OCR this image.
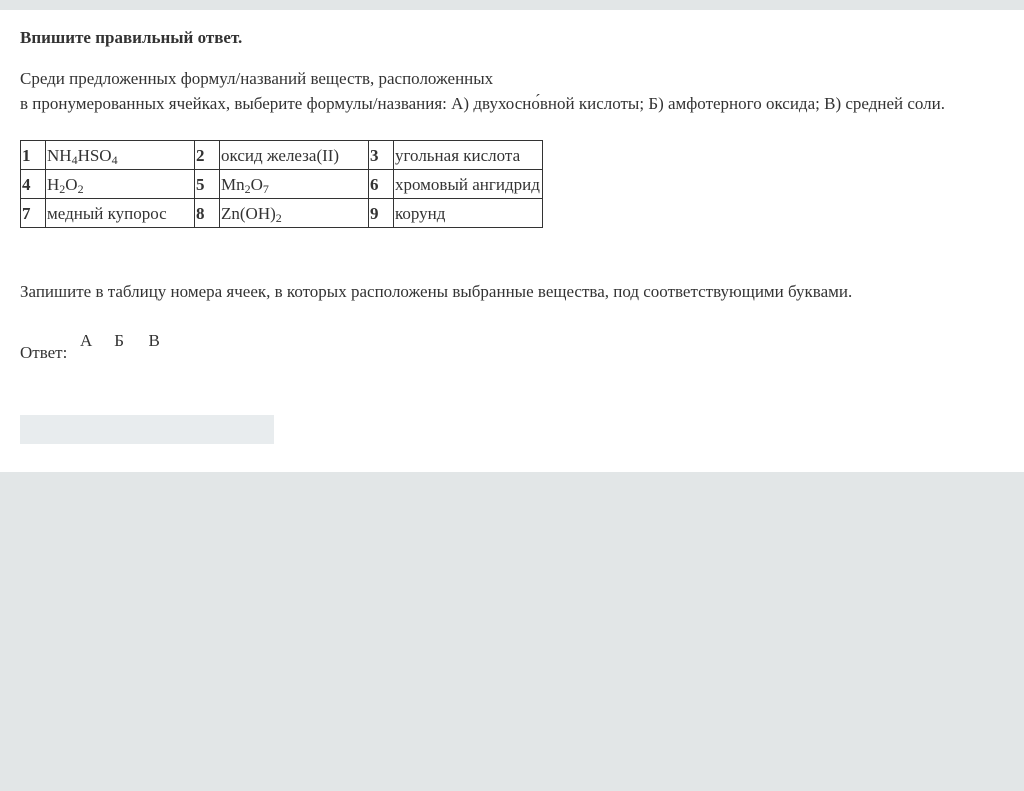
Впишите правильный ответ.

Среди предложенных формул/названий веществ, расположенных
в пронумерованных ячейках, выберите формулы/названия: А) двухосно́вной кислоты; Б) амфотерного оксида; В) средней соли.

1	$NH_4HSO_4$	2	оксид железа(II)	3	угольная кислота
4	$H_2O_2$	5	$Mn_2O_7$	6	хромовый ангидрид
7	медный купорос	8	$Zn(OH)_2$	9	корунд

Запишите в таблицу номера ячеек, в которых расположены выбранные вещества, под соответствующими буквами.

Ответ:
А Б В
